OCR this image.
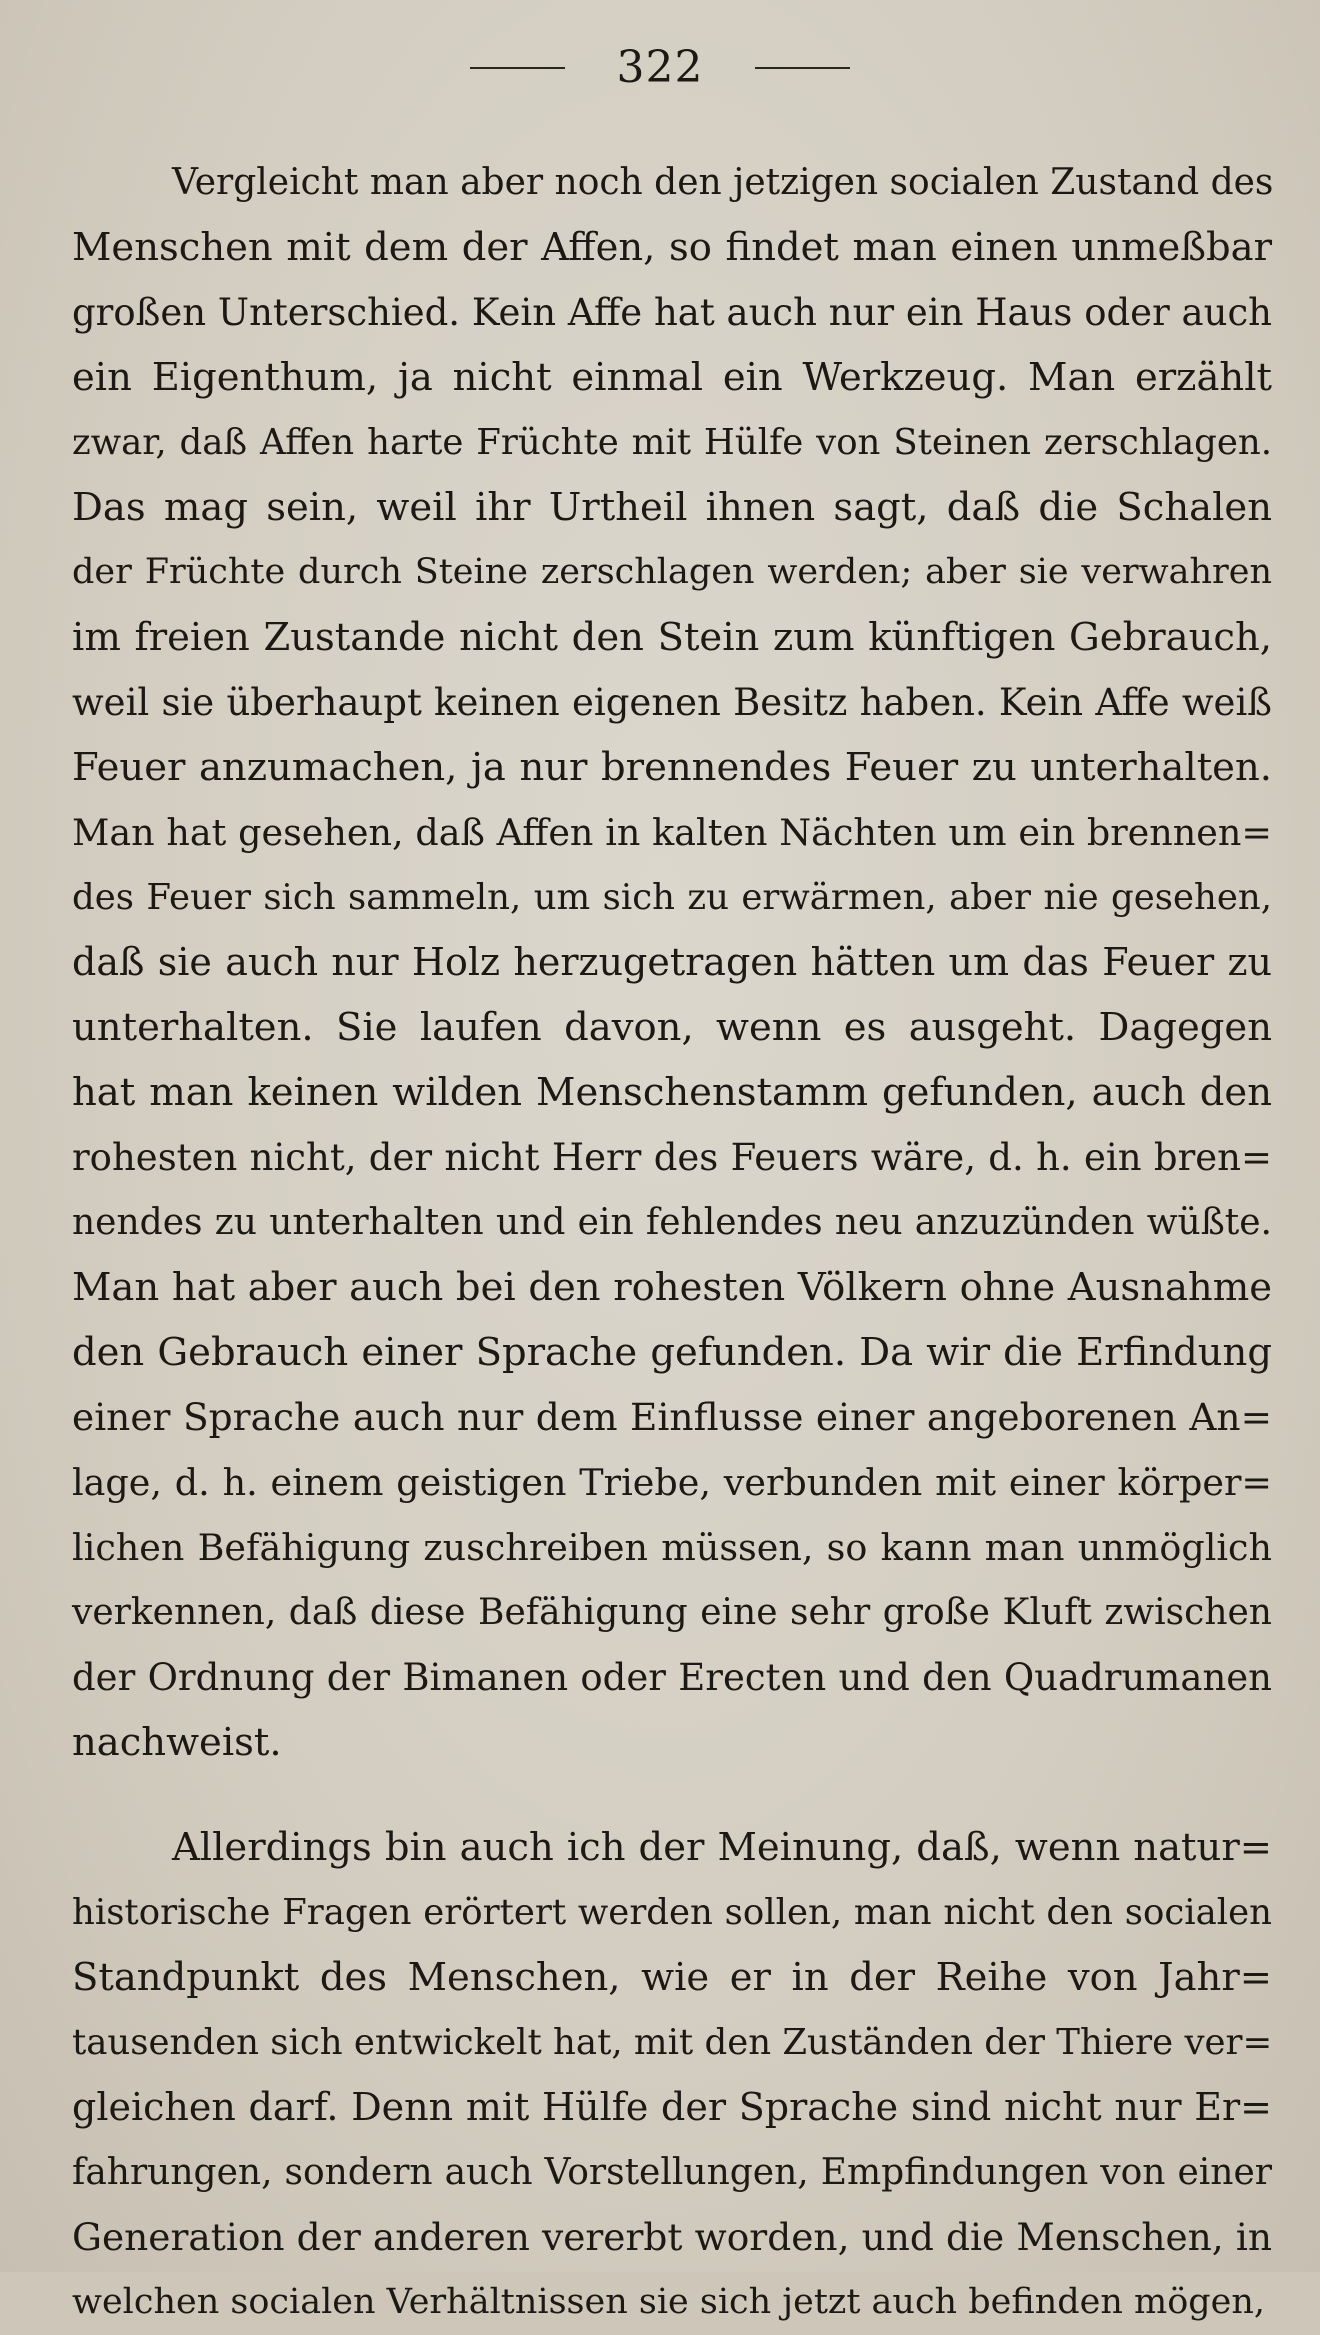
322
Vergleicht man aber noch den jetzigen socialen Zustand des
Menschen mit dem der Affen, so findet man einen unmeßbar
großen Unterschied. Kein Affe hat auch nur ein Haus oder auch
ein Eigenthum, ja nicht einmal ein Werkzeug. Man erzählt
zwar, daß Affen harte Früchte mit Hülfe von Steinen zerschlagen.
Das mag sein, weil ihr Urtheil ihnen sagt, daß die Schalen
der Früchte durch Steine zerschlagen werden; aber sie verwahren
im freien Zustande nicht den Stein zum künftigen Gebrauch,
weil sie überhaupt keinen eigenen Besitz haben. Kein Affe weiß
Feuer anzumachen, ja nur brennendes Feuer zu unterhalten.
Man hat gesehen, daß Affen in kalten Nächten um ein brennen=
des Feuer sich sammeln, um sich zu erwärmen, aber nie gesehen,
daß sie auch nur Holz herzugetragen hätten um das Feuer zu
unterhalten. Sie laufen davon, wenn es ausgeht. Dagegen
hat man keinen wilden Menschenstamm gefunden, auch den
rohesten nicht, der nicht Herr des Feuers wäre, d. h. ein bren=
nendes zu unterhalten und ein fehlendes neu anzuzünden wüßte.
Man hat aber auch bei den rohesten Völkern ohne Ausnahme
den Gebrauch einer Sprache gefunden. Da wir die Erfindung
einer Sprache auch nur dem Einflusse einer angeborenen An=
lage, d. h. einem geistigen Triebe, verbunden mit einer körper=
lichen Befähigung zuschreiben müssen, so kann man unmöglich
verkennen, daß diese Befähigung eine sehr große Kluft zwischen
der Ordnung der Bimanen oder Erecten und den Quadrumanen
nachweist.
Allerdings bin auch ich der Meinung, daß, wenn natur=
historische Fragen erörtert werden sollen, man nicht den socialen
Standpunkt des Menschen, wie er in der Reihe von Jahr=
tausenden sich entwickelt hat, mit den Zuständen der Thiere ver=
gleichen darf. Denn mit Hülfe der Sprache sind nicht nur Er=
fahrungen, sondern auch Vorstellungen, Empfindungen von einer
Generation der anderen vererbt worden, und die Menschen, in
welchen socialen Verhältnissen sie sich jetzt auch befinden mögen,
